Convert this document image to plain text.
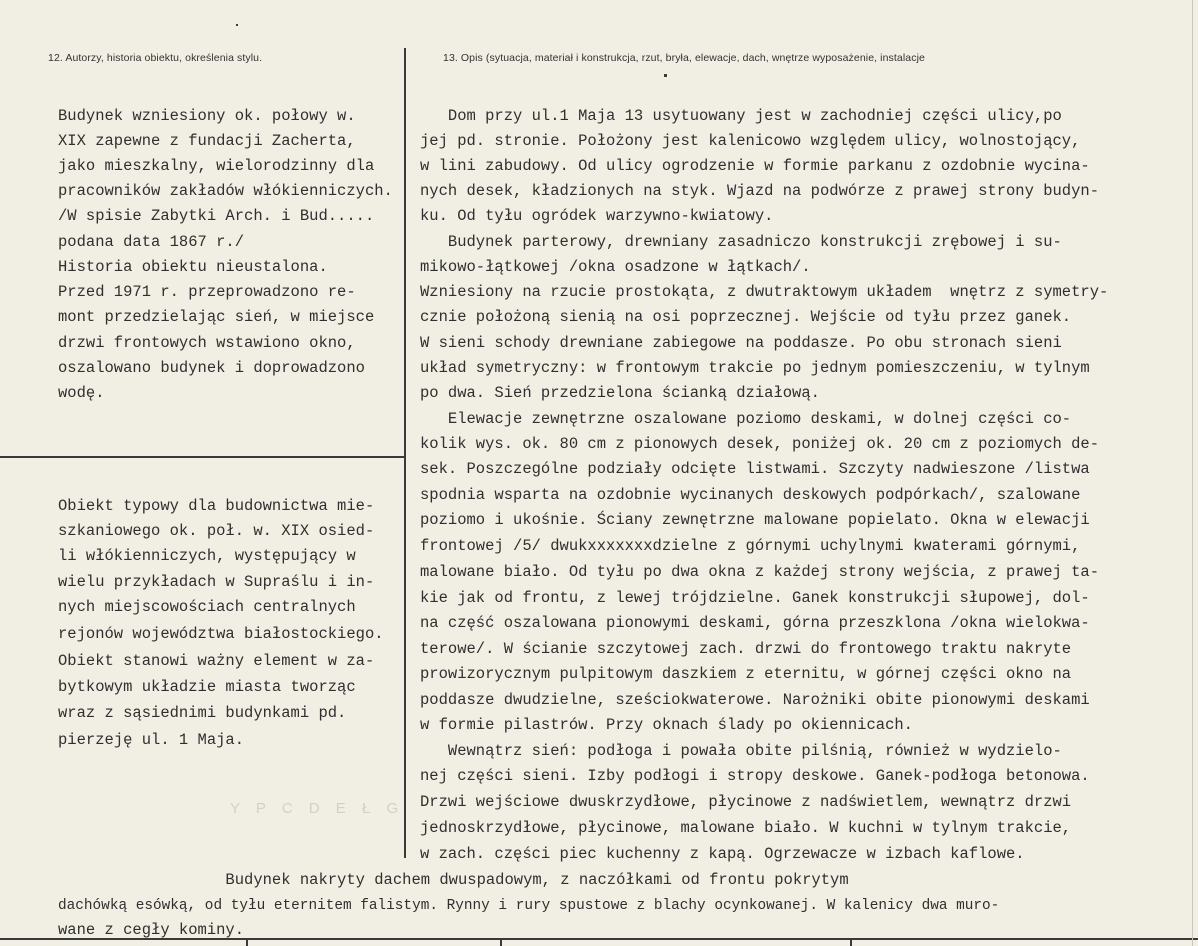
Y P C D E Ł G
12. Autorzy, historia obiektu, określenia stylu.	13. Opis (sytuacja, materiał i konstrukcja, rzut, bryła, elewacje, dach, wnętrze wyposażenie, instalacje
Budynek wzniesiony ok. połowy w.
XIX zapewne z fundacji Zacherta,
jako mieszkalny, wielorodzinny dla
pracowników zakładów włókienniczych.
/W spisie Zabytki Arch. i Bud.....
podana data 1867 r./
Historia obiektu nieustalona.
Przed 1971 r. przeprowadzono re-
mont przedzielając sień, w miejsce
drzwi frontowych wstawiono okno,
oszalowano budynek i doprowadzono
wodę.
Obiekt typowy dla budownictwa mie-
szkaniowego ok. poł. w. XIX osied-
li włókienniczych, występujący w
wielu przykładach w Supraślu i in-
nych miejscowościach centralnych
rejonów województwa białostockiego.
Obiekt stanowi ważny element w za-
bytkowym układzie miasta tworząc
wraz z sąsiednimi budynkami pd.
pierzeję ul. 1 Maja.
Dom przy ul.1 Maja 13 usytuowany jest w zachodniej części ulicy,po
jej pd. stronie. Położony jest kalenicowo względem ulicy, wolnostojący,
w lini zabudowy. Od ulicy ogrodzenie w formie parkanu z ozdobnie wycina-
nych desek, kładzionych na styk. Wjazd na podwórze z prawej strony budyn-
ku. Od tyłu ogródek warzywno-kwiatowy.
Budynek parterowy, drewniany zasadniczo konstrukcji zrębowej i su-
mikowo-łątkowej /okna osadzone w łątkach/.
Wzniesiony na rzucie prostokąta, z dwutraktowym układem  wnętrz z symetry-
cznie położoną sienią na osi poprzecznej. Wejście od tyłu przez ganek.
W sieni schody drewniane zabiegowe na poddasze. Po obu stronach sieni
układ symetryczny: w frontowym trakcie po jednym pomieszczeniu, w tylnym
po dwa. Sień przedzielona ścianką działową.
Elewacje zewnętrzne oszalowane poziomo deskami, w dolnej części co-
kolik wys. ok. 80 cm z pionowych desek, poniżej ok. 20 cm z poziomych de-
sek. Poszczególne podziały odcięte listwami. Szczyty nadwieszone /listwa
spodnia wsparta na ozdobnie wycinanych deskowych podpórkach/, szalowane
poziomo i ukośnie. Ściany zewnętrzne malowane popielato. Okna w elewacji
frontowej /5/ dwukxxxxxxxdzielne z górnymi uchylnymi kwaterami górnymi,
malowane biało. Od tyłu po dwa okna z każdej strony wejścia, z prawej ta-
kie jak od frontu, z lewej trójdzielne. Ganek konstrukcji słupowej, dol-
na część oszalowana pionowymi deskami, górna przeszklona /okna wielokwa-
terowe/. W ścianie szczytowej zach. drzwi do frontowego traktu nakryte
prowizorycznym pulpitowym daszkiem z eternitu, w górnej części okno na
poddasze dwudzielne, sześciokwaterowe. Narożniki obite pionowymi deskami
w formie pilastrów. Przy oknach ślady po okiennicach.
Wewnątrz sień: podłoga i powała obite pilśnią, również w wydzielo-
nej części sieni. Izby podłogi i stropy deskowe. Ganek-podłoga betonowa.
Drzwi wejściowe dwuskrzydłowe, płycinowe z nadświetlem, wewnątrz drzwi
jednoskrzydłowe, płycinowe, malowane biało. W kuchni w tylnym trakcie,
w zach. części piec kuchenny z kapą. Ogrzewacze w izbach kaflowe.
Budynek nakryty dachem dwuspadowym, z naczółkami od frontu pokrytym
dachówką esówką, od tyłu eternitem falistym. Rynny i rury spustowe z blachy ocynkowanej. W kalenicy dwa muro-
wane z cegły kominy.
